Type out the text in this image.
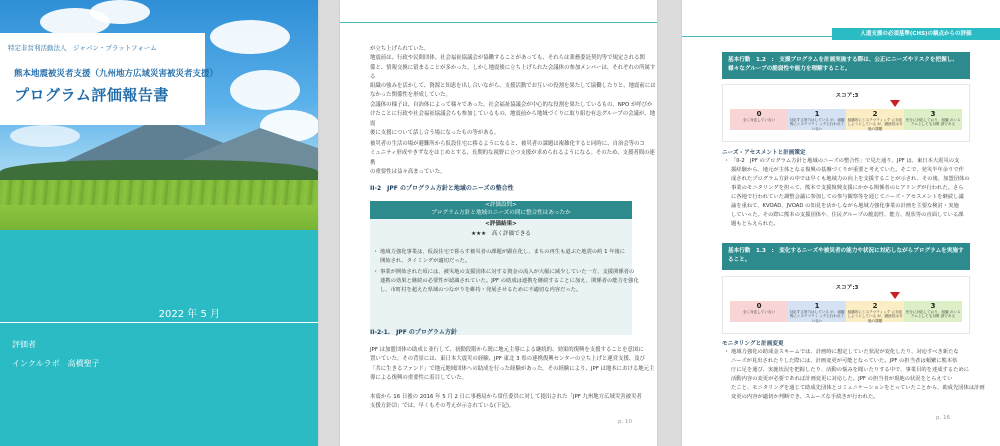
特定非営利活動法人　ジャパン・プラットフォーム
熊本地震被災者支援（九州地方広域災害被災者支援）
プログラム評価報告書
2022 年 5 月
評価者
インクルラボ　高橋聖子
が立ち上げられていた。
地震前は、行政や民間団体、社会福祉協議会が協働することがあっても、それらは業務委託契約等で規定される関
係と、情報交換に留まることが多かった。しかし地震後に立ち上げられた会議体の参加メンバーは、それぞれの所属する
組織の強みを活かして、資源と知恵を出し合いながら、支援活動でお互いの役割を果たして協働したりと、地震前には
なかった関係性を形成していた。
会議体の様子は、自治体によって様々であった。社会福祉協議会が中心的な役割を果たしているもの、NPO が呼びか
けたことに行政や社会福祉協議会らも参加しているもの、地震前から地域づくりに取り組む有志グループの会議が、地震
後に支援について話し合う場になったもの等がある。
被災者の生活の場が避難所から仮設住宅に移るようになると、被災者の課題は複雑化すると同時に、自治会等のコ
ミュニティ形成やきずなをはじめとする、長期的な視野に立つ支援が求められるようになる。そのため、支援者間の連携
の重要性は益々高まっていた。
II-2　JPF のプログラム方針と地域のニーズの整合性
<評価設問>
プログラム方針と地域のニーズの間に整合性はあったか
<評価結果>
★★★　高く評価できる
・ 地域力強化事業は、仮設住宅で暮らす被災者の課題が顕在化し、まちの再生も道ぶた地震の約 1 年後に
開始され、タイミングが適切だった。
・ 事業が開始された頃には、被災地の支援団体に対する資金の流入が大幅に減少していた一方、支援関係者の
連携の効果と継続の必要性が認識されていた。JPF の助成は連携を継続することに加え、関係者の能力を強化
し、市町村を超えた県域のつながりを維持・発展させるために不適切な内容だった。
II-2-1.　JPF のプログラム方針
JPF は加盟団体の助成と並行して、初動段階から既に地元主導による継続的、効果的復興を支援することを意図に
置いていた。その背景には、東日本大震災の経験、JPF 東北 3 県の連携復興センターの立ち上げと運営支援、及び
「共に生きるファンド」で地元地域団体への助成を行った経験があった。その経験により、JPF は地本における地元主
導による復興の重要性に着目していた。
本震から 16 日後の 2016 年 5 月 2 日に事務局から常任委員に対して提出された「JPF 九州地方広域災害被災者
支援方針⑵」では、早くもその考えが示されている(下記)。
p. 10
人道支援の必須基準(CHS)の観点からの評価
基本行動　1.2　:　支援プログラムを計画実施する際は、公正にニーズやリスクを把握し、様々なグループの脆弱性や能力を理解すること。
スコア:3
0
全く対応していない
1
対応する努力はしている が、組織的にシステマティ ックに行われていない
2
組織的にシステマティック に対応しようとしている が、継続性は今後の課題
3
充分に対応しており、組織 のシステムとしても対策 済である
ニーズ・アセスメントと計画策定
・ 「II-2　JPF のプログラム方針と地域のニーズの整合性」で見た通り、JPF は、東日本大震災の支
援経験から、地元が主体となる復興の基盤づくりが重要と考えていた。そこで、発災半年余りで作
成されたプログラム方針の中では早くも地域力の向上を支援することが示され、その後、加盟団体の
事業のモニタリングを担って、熊本で支援復興支援にかかる関係者のヒアリングが行われた。さら
に各地で行われていた調整会議に参加しての参与観察等を通じてニーズ・アセスメントを継続し議
論を重ねて、KVOAD、JVOAD の知見を活かしながら地域力強化事業の計画を主要な検討・実施
していった。その際に熊本の支援団体や、住民グループの脆弱性、能力、現状等の直面している課
題もとらえられた。
基本行動　1.3　:　変化するニーズや被災者の能力や状況に対応しながらプログラムを実施すること。
スコア:3
0
全く対応していない
1
対応する努力はしている が、組織的にシステマティ ックに行われていない
2
組織的にシステマティック に対応しようとしている が、継続性は今後の課題
3
充分に対応しており、組織 のシステムとしても対策 済である
モニタリングと計画変更
・ 地域力強化の助成金スキームでは、計画時に想定していた状況が変化したり、対応すべき新たな
ニーズが見出されたりした際には、計画変更が可能となっていた。JPF の担当者は頻繁に熊本県
庁に足を運び、実施状況を把握したり、活動の悩みを聞いたりする中で、事業目的を達成するために
活動内容の変更が必要であれば計画変更に対応した。JPF の担当者が現地の状況をとらえてい
たこと、モニタリングを通じて助成先団体とコミュニケーションをとっていたことから、助成先団体は計画
変更の内容が適切か判断でき、スムーズな手続きが行われた。
p. 16
